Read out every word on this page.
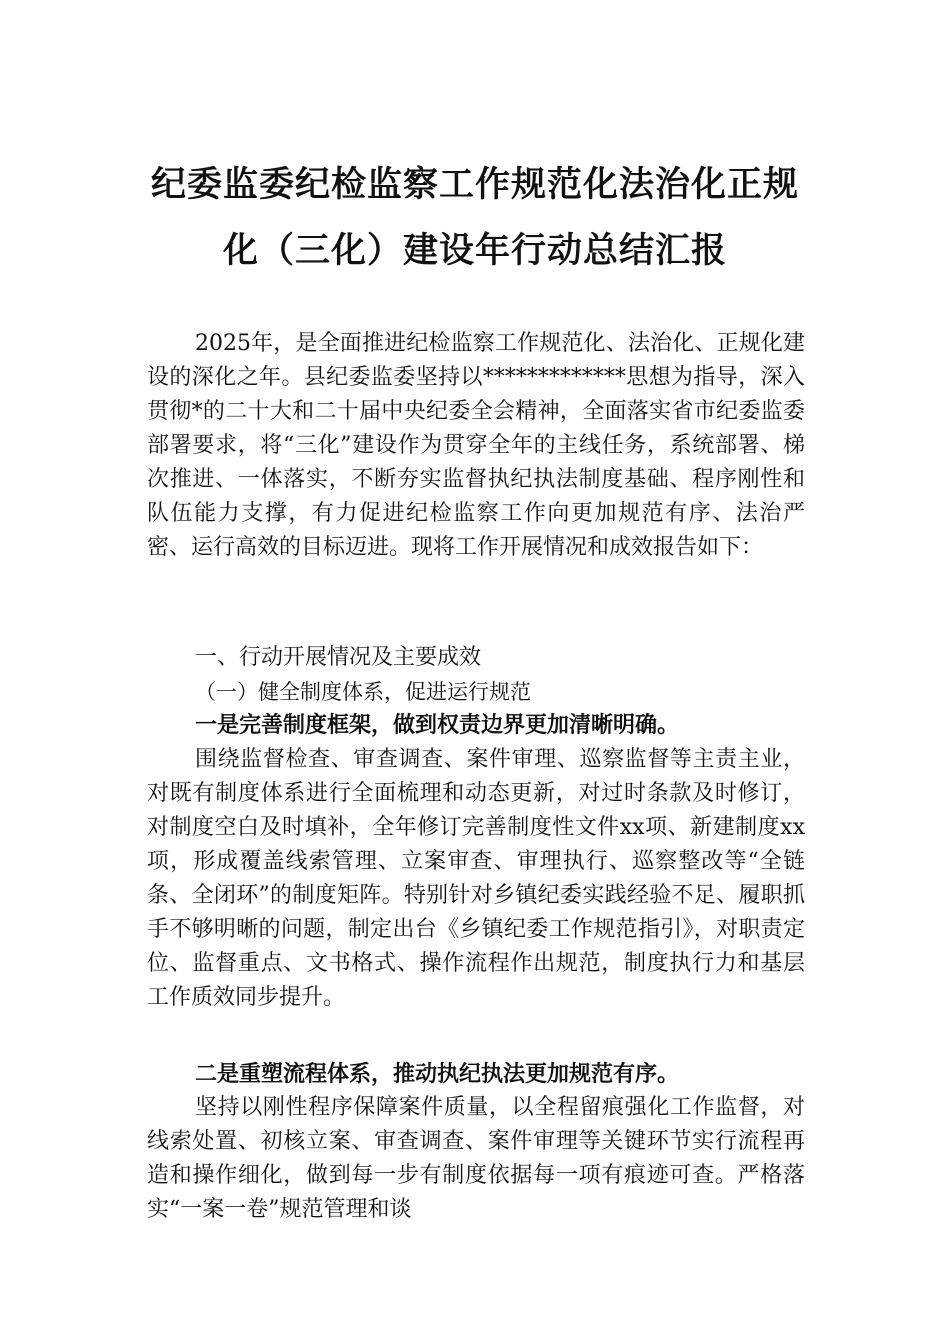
纪委监委纪检监察工作规范化法治化正规
化（三化）建设年行动总结汇报

2025年，是全面推进纪检监察工作规范化、法治化、正规化建设的深化之年。县纪委监委坚持以*************思想为指导，深入贯彻*的二十大和二十届中央纪委全会精神，全面落实省市纪委监委部署要求，将“三化”建设作为贯穿全年的主线任务，系统部署、梯次推进、一体落实，不断夯实监督执纪执法制度基础、程序刚性和队伍能力支撑，有力促进纪检监察工作向更加规范有序、法治严密、运行高效的目标迈进。现将工作开展情况和成效报告如下：

一、行动开展情况及主要成效
（一）健全制度体系，促进运行规范
一是完善制度框架，做到权责边界更加清晰明确。

围绕监督检查、审查调查、案件审理、巡察监督等主责主业，对既有制度体系进行全面梳理和动态更新，对过时条款及时修订，对制度空白及时填补，全年修订完善制度性文件xx项、新建制度xx项，形成覆盖线索管理、立案审查、审理执行、巡察整改等“全链条、全闭环”的制度矩阵。特别针对乡镇纪委实践经验不足、履职抓手不够明晰的问题，制定出台《乡镇纪委工作规范指引》，对职责定位、监督重点、文书格式、操作流程作出规范，制度执行力和基层工作质效同步提升。

二是重塑流程体系，推动执纪执法更加规范有序。

坚持以刚性程序保障案件质量，以全程留痕强化工作监督，对线索处置、初核立案、审查调查、案件审理等关键环节实行流程再造和操作细化，做到每一步有制度依据每一项有痕迹可查。严格落实“一案一卷”规范管理和谈
